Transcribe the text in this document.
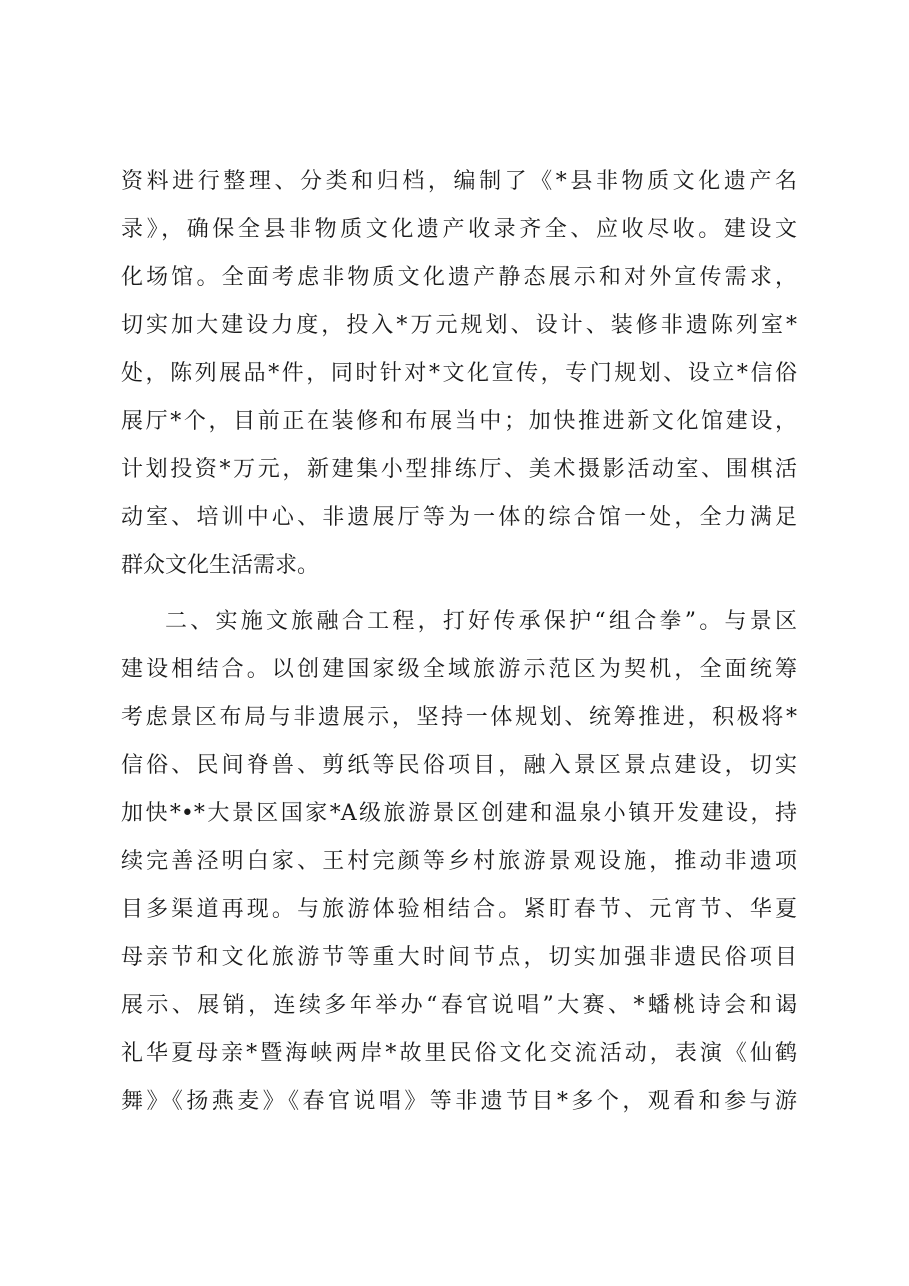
资料进行整理、分类和归档，编制了《*县非物质文化遗产名
录》，确保全县非物质文化遗产收录齐全、应收尽收。建设文
化场馆。全面考虑非物质文化遗产静态展示和对外宣传需求，
切实加大建设力度，投入*万元规划、设计、装修非遗陈列室*
处，陈列展品*件，同时针对*文化宣传，专门规划、设立*信俗
展厅*个，目前正在装修和布展当中；加快推进新文化馆建设，
计划投资*万元，新建集小型排练厅、美术摄影活动室、围棋活
动室、培训中心、非遗展厅等为一体的综合馆一处，全力满足
群众文化生活需求。
二、实施文旅融合工程，打好传承保护“组合拳”。与景区
建设相结合。以创建国家级全域旅游示范区为契机，全面统筹
考虑景区布局与非遗展示，坚持一体规划、统筹推进，积极将*
信俗、民间脊兽、剪纸等民俗项目，融入景区景点建设，切实
加快*•*大景区国家*A级旅游景区创建和温泉小镇开发建设，持
续完善泾明白家、王村完颜等乡村旅游景观设施，推动非遗项
目多渠道再现。与旅游体验相结合。紧盯春节、元宵节、华夏
母亲节和文化旅游节等重大时间节点，切实加强非遗民俗项目
展示、展销，连续多年举办“春官说唱”大赛、*蟠桃诗会和谒
礼华夏母亲*暨海峡两岸*故里民俗文化交流活动，表演《仙鹤
舞》《扬燕麦》《春官说唱》等非遗节目*多个，观看和参与游
